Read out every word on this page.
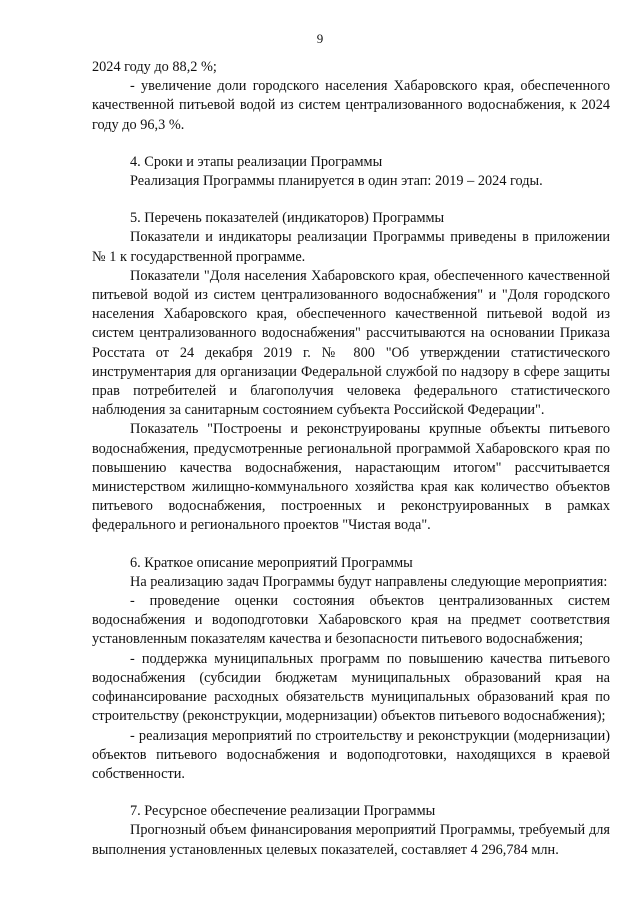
9

2024 году до 88,2 %;

- увеличение доли городского населения Хабаровского края, обеспеченного качественной питьевой водой из систем централизованного водоснабжения, к 2024 году до 96,3 %.

4. Сроки и этапы реализации Программы

Реализация Программы планируется в один этап: 2019 – 2024 годы.

5. Перечень показателей (индикаторов) Программы

Показатели и индикаторы реализации Программы приведены в приложении № 1 к государственной программе.

Показатели "Доля населения Хабаровского края, обеспеченного качественной питьевой водой из систем централизованного водоснабжения" и "Доля городского населения Хабаровского края, обеспеченного качественной питьевой водой из систем централизованного водоснабжения" рассчитываются на основании Приказа Росстата от 24 декабря 2019 г. № 800 "Об утверждении статистического инструментария для организации Федеральной службой по надзору в сфере защиты прав потребителей и благополучия человека федерального статистического наблюдения за санитарным состоянием субъекта Российской Федерации".

Показатель "Построены и реконструированы крупные объекты питьевого водоснабжения, предусмотренные региональной программой Хабаровского края по повышению качества водоснабжения, нарастающим итогом" рассчитывается министерством жилищно-коммунального хозяйства края как количество объектов питьевого водоснабжения, построенных и реконструированных в рамках федерального и регионального проектов "Чистая вода".

6. Краткое описание мероприятий Программы

На реализацию задач Программы будут направлены следующие мероприятия:

- проведение оценки состояния объектов централизованных систем водоснабжения и водоподготовки Хабаровского края на предмет соответствия установленным показателям качества и безопасности питьевого водоснабжения;

- поддержка муниципальных программ по повышению качества питьевого водоснабжения (субсидии бюджетам муниципальных образований края на софинансирование расходных обязательств муниципальных образований края по строительству (реконструкции, модернизации) объектов питьевого водоснабжения);

- реализация мероприятий по строительству и реконструкции (модернизации) объектов питьевого водоснабжения и водоподготовки, находящихся в краевой собственности.

7. Ресурсное обеспечение реализации Программы

Прогнозный объем финансирования мероприятий Программы, требуемый для выполнения установленных целевых показателей, составляет 4 296,784 млн.
